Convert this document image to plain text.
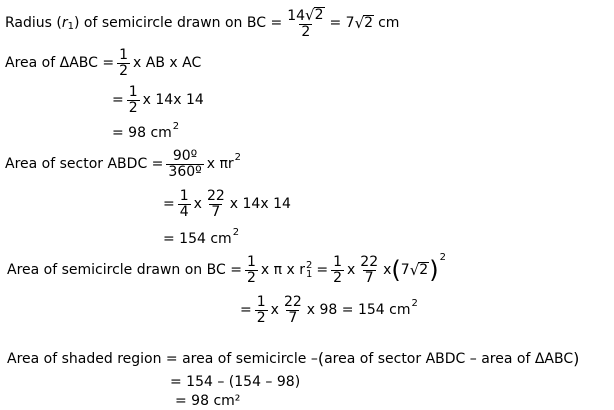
Radius ( r 1 ) of semicircle drawn on BC = $\frac{14 √ 2}{2} = 7$ √ 2 cm
Area of $\Delta ABC = \frac{1}{2}$ x AB x AC
= $\frac{1}{2}$ x 14x 14
= 98 cm 2
Area of sector ABDC = $\frac{\text{90º}}{\text{360º}}$ x πr 2
= $\frac{1}{4}$ x $\frac{22}{7}$ x 14x 14
= 154 cm 2
Area of semicircle drawn on BC = $\frac{1}{2}$ x π x r 2
$1 = \frac{1}{2}$ x $\frac{22}{7}$ x ( 7 √ 2 ) 2
= $\frac{1}{2}$ x $\frac{22}{7}$ x 98 = 154 cm 2
Area of shaded region = area of semicircle – ( area of sector ABDC – area of ΔABC )
= 154 – (154 – 98)
= 98 cm²
